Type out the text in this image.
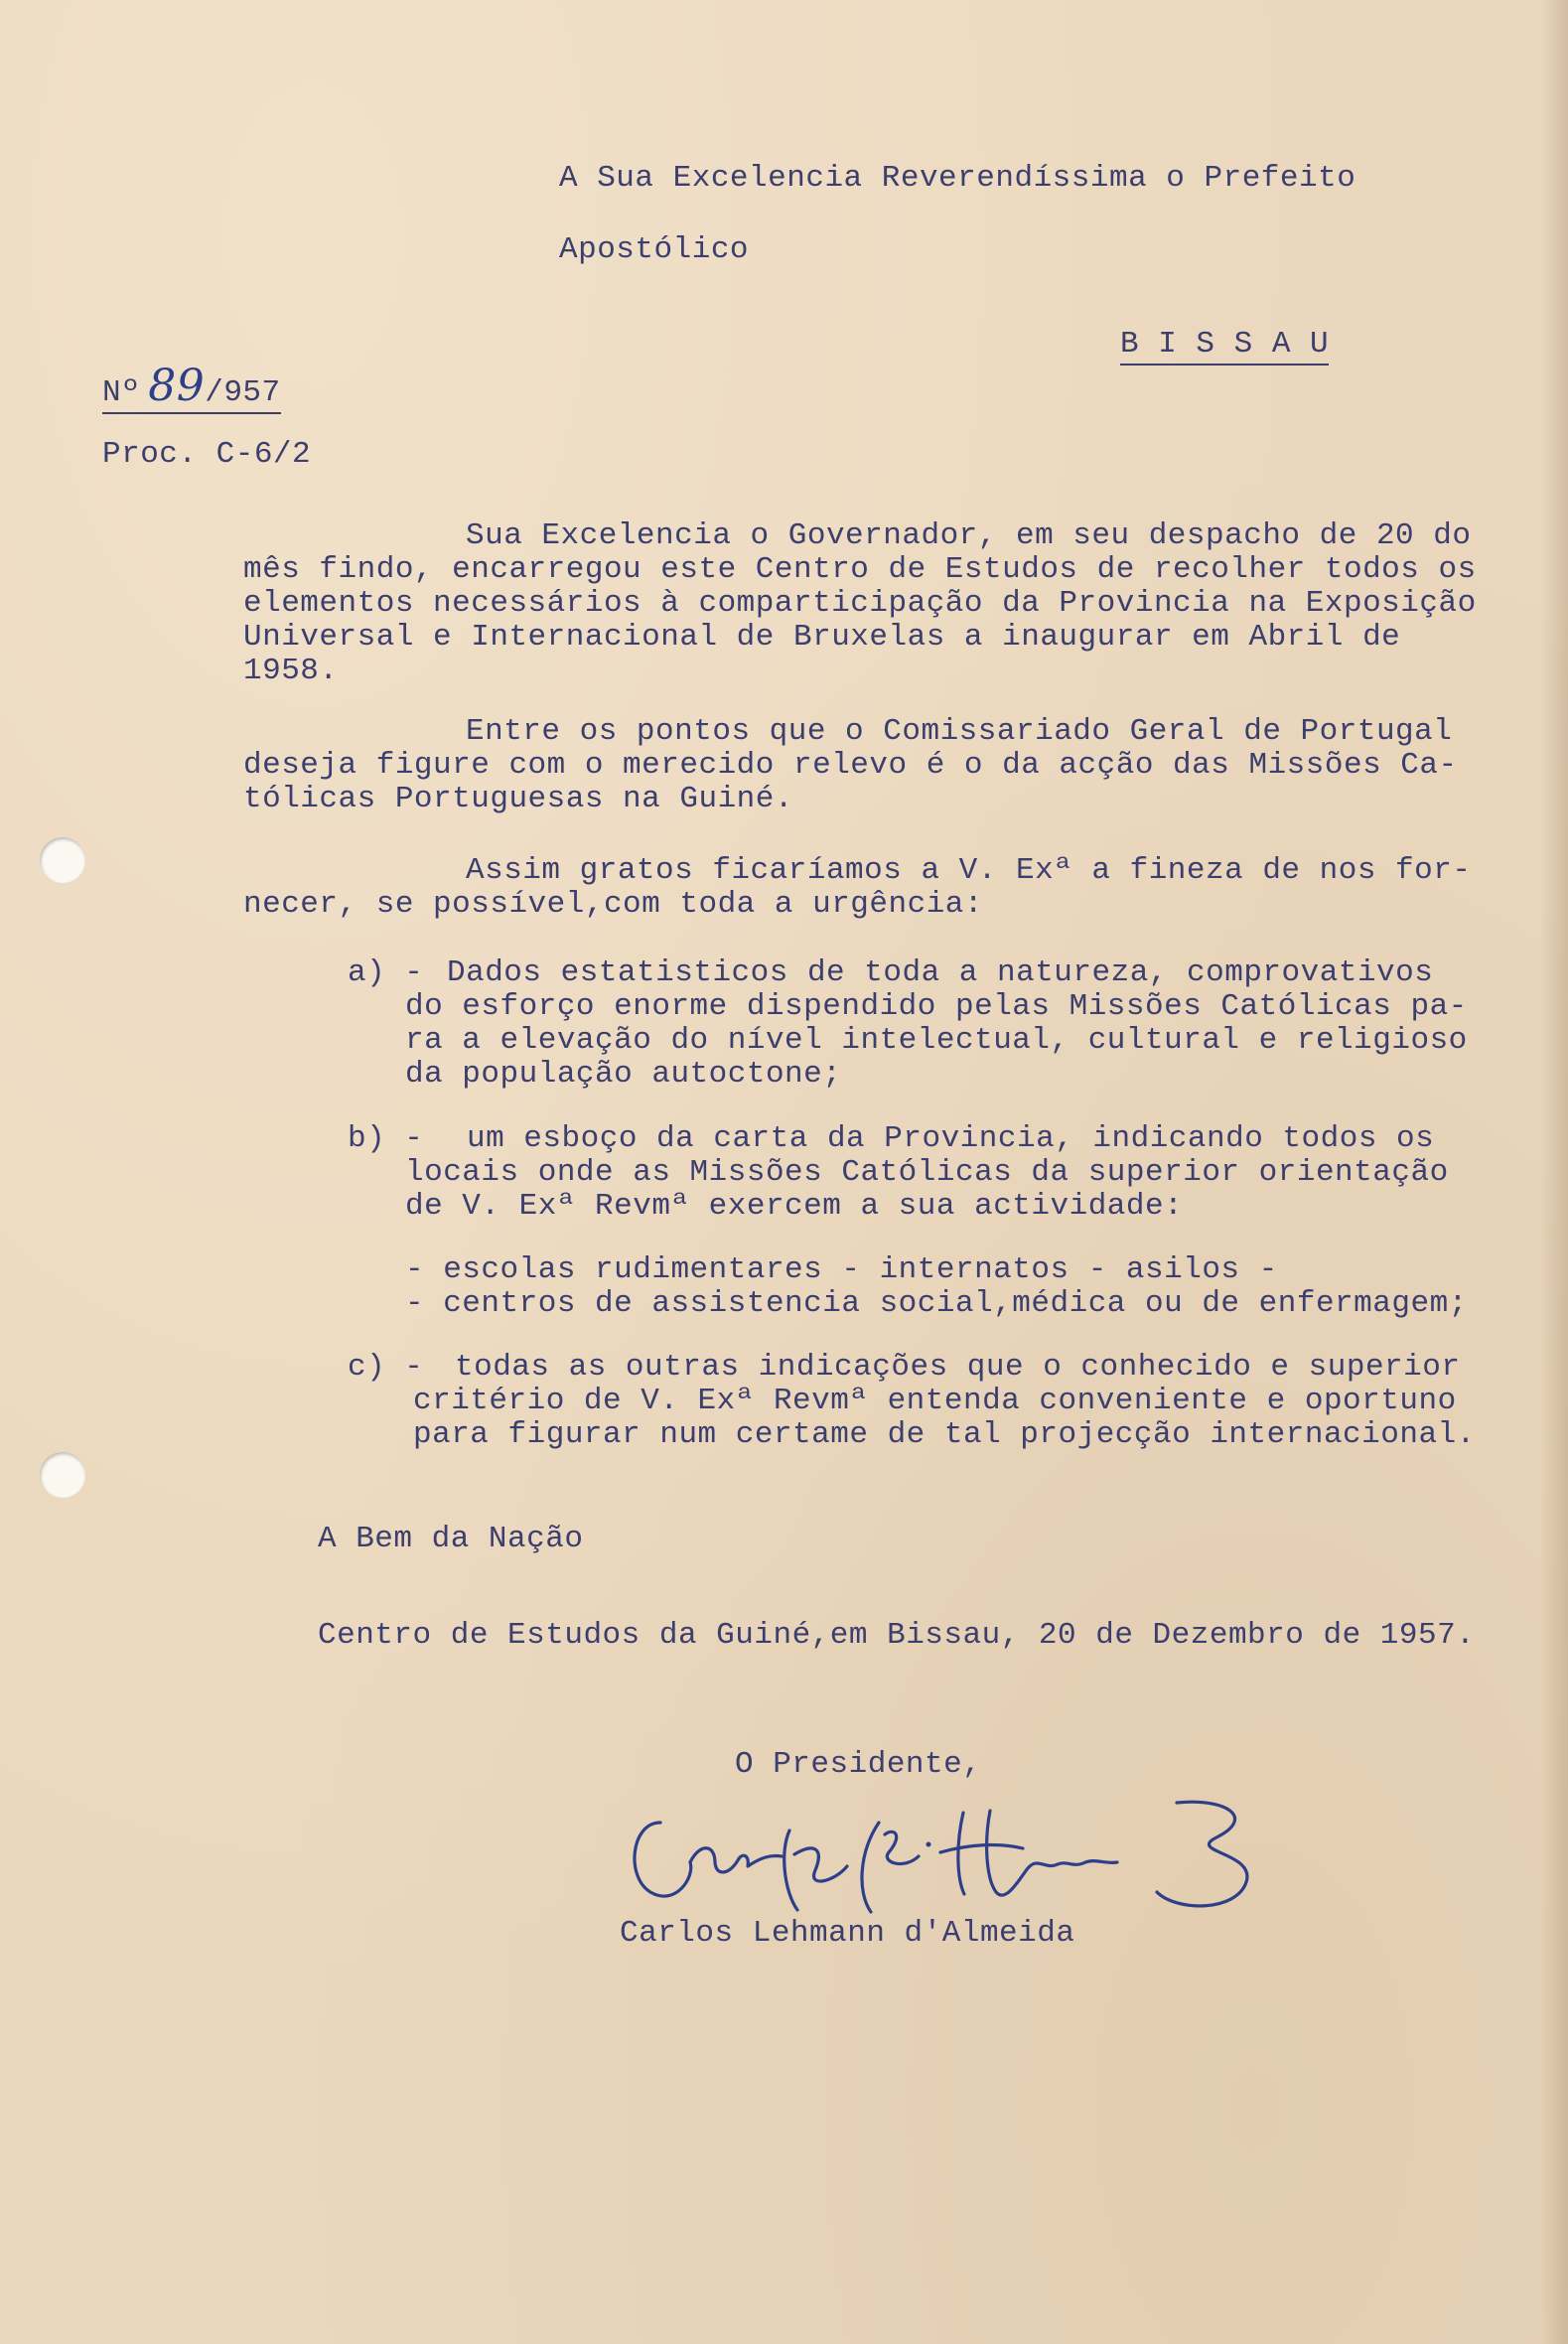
A Sua Excelencia Reverendíssima o Prefeito
Apostólico
B I S S A U
Nº 89/957
Proc. C-6/2
Sua Excelencia o Governador, em seu despacho de 20 do
mês findo, encarregou este Centro de Estudos de recolher todos os
elementos necessários à comparticipação da Provincia na Exposição
Universal e Internacional de Bruxelas a inaugurar em Abril de
1958.
Entre os pontos que o Comissariado Geral de Portugal
deseja figure com o merecido relevo é o da acção das Missões Ca-
tólicas Portuguesas na Guiné.
Assim gratos ficaríamos a V. Exª a fineza de nos for-
necer, se possível,com toda a urgência:
a) - Dados estatisticos de toda a natureza, comprovativos
do esforço enorme dispendido pelas Missões Católicas pa-
ra a elevação do nível intelectual, cultural e religioso
da população autoctone;
b) - um esboço da carta da Provincia, indicando todos os
locais onde as Missões Católicas da superior orientação
de V. Exª Revmª exercem a sua actividade:
- escolas rudimentares - internatos - asilos -
- centros de assistencia social,médica ou de enfermagem;
c) - todas as outras indicações que o conhecido e superior
critério de V. Exª Revmª entenda conveniente e oportuno
para figurar num certame de tal projecção internacional.
A Bem da Nação
Centro de Estudos da Guiné,em Bissau, 20 de Dezembro de 1957.
O Presidente,
Carlos Lehmann d'Almeida
